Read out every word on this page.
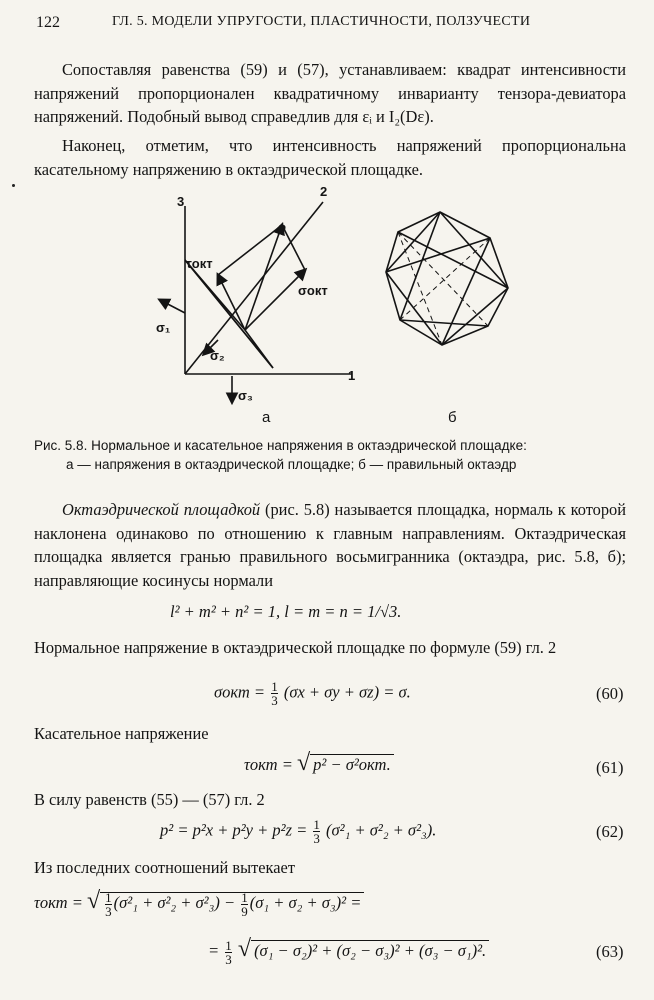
122	ГЛ. 5. МОДЕЛИ УПРУГОСТИ, ПЛАСТИЧНОСТИ, ПОЛЗУЧЕСТИ
Сопоставляя равенства (59) и (57), устанавливаем: квадрат интенсивности напряжений пропорционален квадратичному инварианту тензора-девиатора напряжений. Подобный вывод справедлив для εᵢ и I₂(Dε).
Наконец, отметим, что интенсивность напряжений пропорциональна касательному напряжению в октаэдрической площадке.
3
1
2
p
τокт
σокт
σ₁
σ₂
σ₃
а	б
Рис. 5.8. Нормальное и касательное напряжения в октаэдрической площадке:
а — напряжения в октаэдрической площадке; б — правильный октаэдр
Октаэдрической площадкой (рис. 5.8) называется площадка, нормаль к которой наклонена одинаково по отношению к главным направлениям. Октаэдрическая площадка является гранью правильного восьмигранника (октаэдра, рис. 5.8, б); направляющие косинусы нормали
l² + m² + n² = 1, l = m = n = 1/√3.
Нормальное напряжение в октаэдрической площадке по формуле (59) гл. 2
$\sigma окт = \frac{1}{3} (\sigma x + \sigma y + \sigma z) = \sigma$.	(60)
Касательное напряжение
τокт = √ p² − σ²окт.	(61)
В силу равенств (55) — (57) гл. 2
$p^2 = p^2x + p^2y + p^2z = \frac{1}{3} (\sigma^2_1 + \sigma^2_2 + \sigma^2_3)$.	(62)
Из последних соотношений вытекает
τокт = √ $\frac{1}{3} (\sigma^2_1 + \sigma^2_2 + \sigma^2_3) - \frac{1}{9} (\sigma_1 + \sigma_2 + \sigma_3)^2$ =
= $\frac{1}{3}$ √ (σ₁ − σ₂)² + (σ₂ − σ₃)² + (σ₃ − σ₁)².	(63)
